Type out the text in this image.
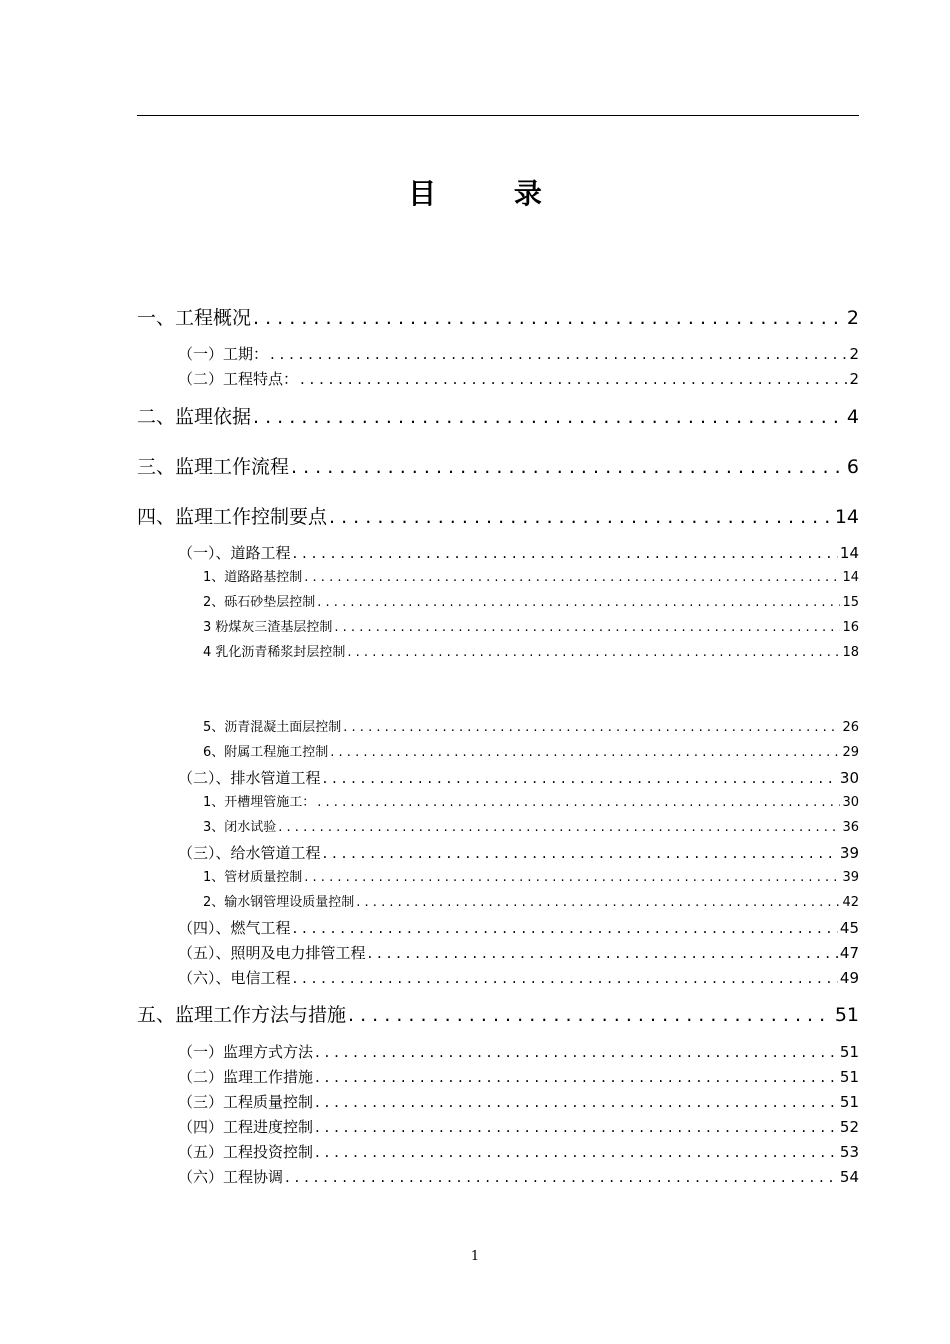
目 录
一、工程概况 . . .	2
（一）工期： . . .	2
（二）工程特点： . . .	2
二、监理依据 . . .	4
三、监理工作流程 . . .	6
四、监理工作控制要点 . . .	14
（一）、道路工程 . . .	14
1、道路路基控制 . . .	14
2、砾石砂垫层控制 . . .	15
3 粉煤灰三渣基层控制 . . .	16
4 乳化沥青稀浆封层控制 . . .	18
5、沥青混凝土面层控制 . . .	26
6、附属工程施工控制 . . .	29
（二）、排水管道工程 . . .	30
1、开槽埋管施工： . . .	30
3、闭水试验 . . .	36
（三）、给水管道工程 . . .	39
1、管材质量控制 . . .	39
2、输水钢管埋设质量控制 . . .	42
（四）、燃气工程 . . .	45
（五）、照明及电力排管工程 . . .	47
（六）、电信工程 . . .	49
五、监理工作方法与措施 . . .	51
（一）监理方式方法 . . .	51
（二）监理工作措施 . . .	51
（三）工程质量控制 . . .	51
（四）工程进度控制 . . .	52
（五）工程投资控制 . . .	53
（六）工程协调 . . .	54
1
